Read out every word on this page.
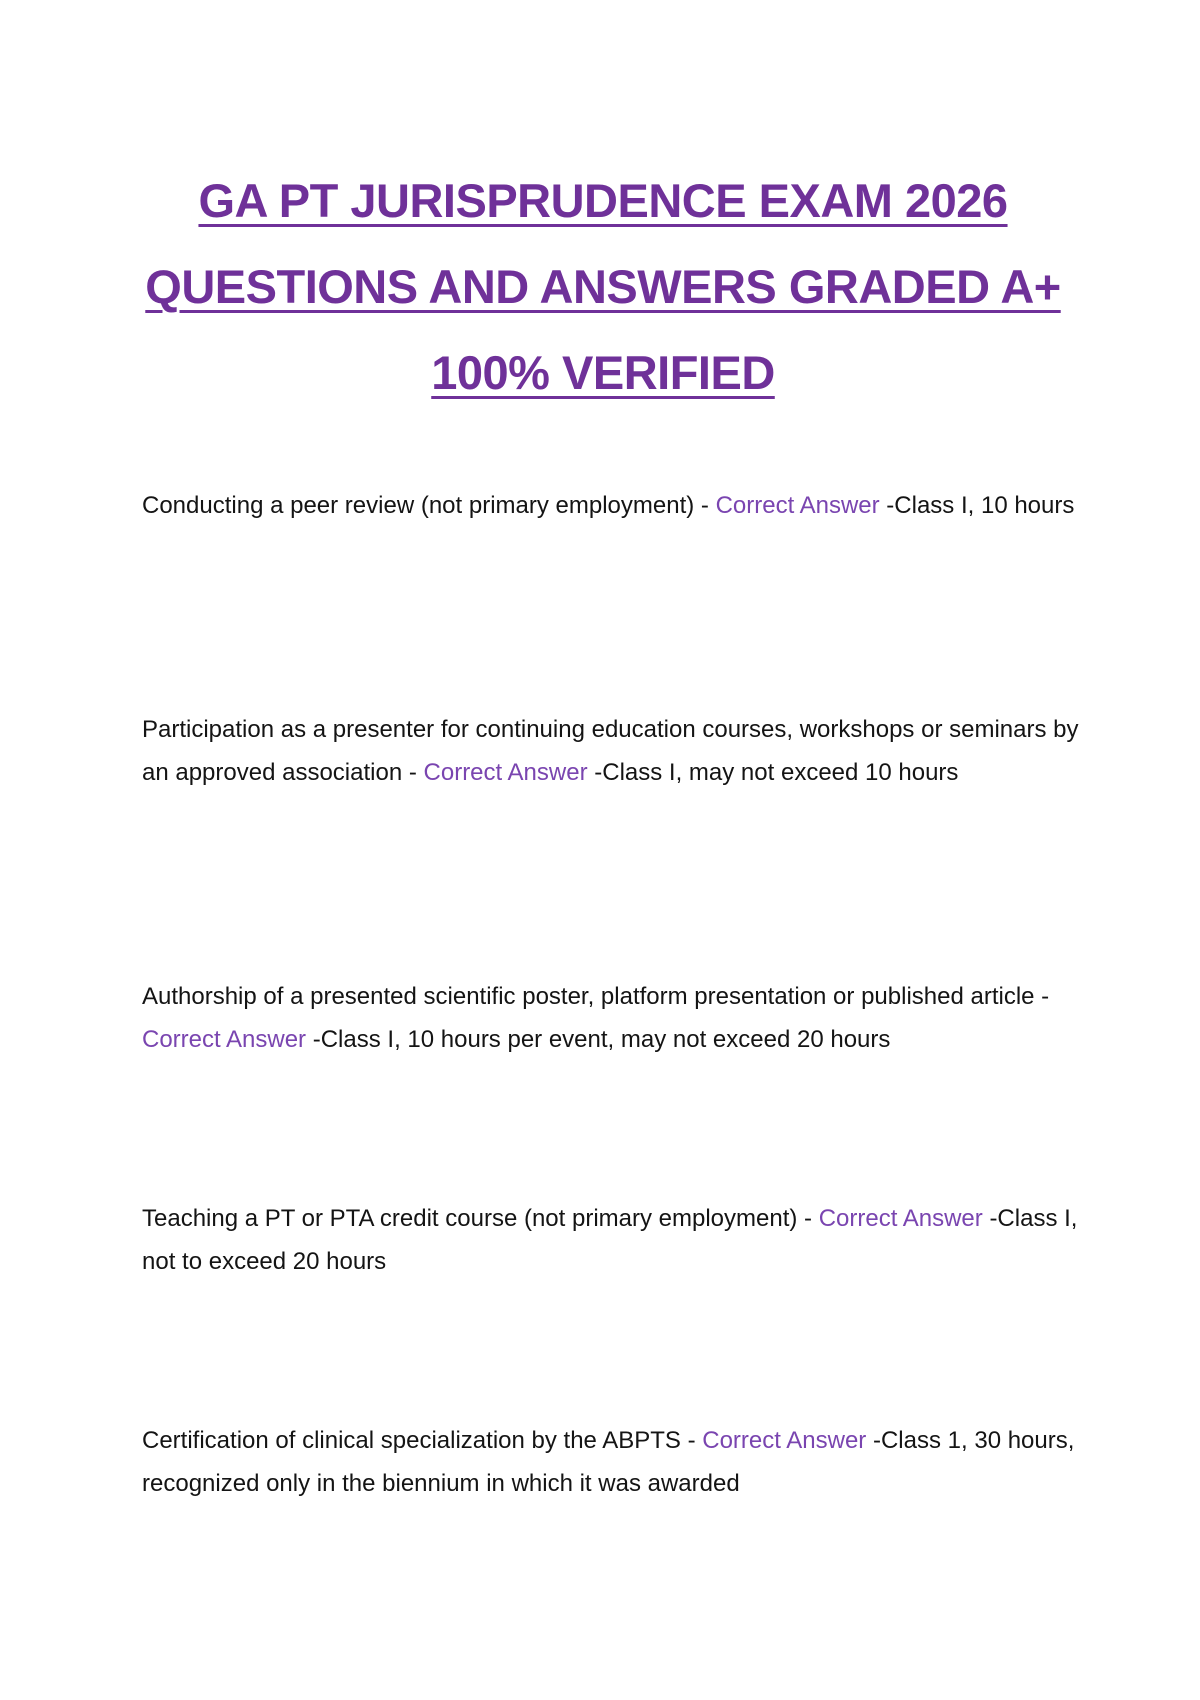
GA PT JURISPRUDENCE EXAM 2026
QUESTIONS AND ANSWERS GRADED A+
100% VERIFIED

Conducting a peer review (not primary employment) - Correct Answer -Class I, 10 hours

Participation as a presenter for continuing education courses, workshops or seminars by an approved association - Correct Answer -Class I, may not exceed 10 hours

Authorship of a presented scientific poster, platform presentation or published article - Correct Answer -Class I, 10 hours per event, may not exceed 20 hours

Teaching a PT or PTA credit course (not primary employment) - Correct Answer -Class I, not to exceed 20 hours

Certification of clinical specialization by the ABPTS - Correct Answer -Class 1, 30 hours, recognized only in the biennium in which it was awarded
